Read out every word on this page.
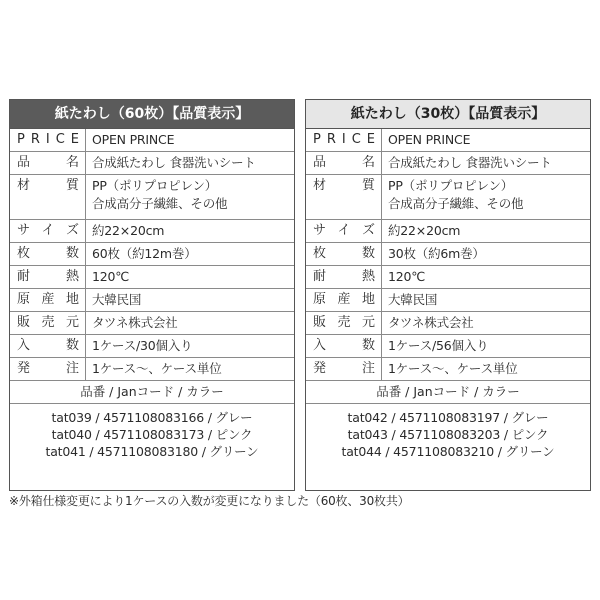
紙たわし（60枚）【品質表示】
P R I C E OPEN PRINCE
品	名 合成紙たわし 食器洗いシート
材	質 PP（ポリプロピレン）
合成高分子繊維、その他
サ イ ズ 約22×20cm
枚	数 60枚（約12m巻）
耐	熱 120℃
原 産 地 大韓民国
販 売 元 タツネ株式会社
入	数 1ケース/30個入り
発	注 1ケース～、ケース単位
品番 / Janコード / カラー
tat039 / 4571108083166 / グレー
tat040 / 4571108083173 / ピンク
tat041 / 4571108083180 / グリーン
紙たわし（30枚）【品質表示】
P R I C E OPEN PRINCE
品	名 合成紙たわし 食器洗いシート
材	質 PP（ポリプロピレン）
合成高分子繊維、その他
サ イ ズ 約22×20cm
枚	数 30枚（約6m巻）
耐	熱 120℃
原 産 地 大韓民国
販 売 元 タツネ株式会社
入	数 1ケース/56個入り
発	注 1ケース～、ケース単位
品番 / Janコード / カラー
tat042 / 4571108083197 / グレー
tat043 / 4571108083203 / ピンク
tat044 / 4571108083210 / グリーン
※外箱仕様変更により1ケースの入数が変更になりました（60枚、30枚共）
